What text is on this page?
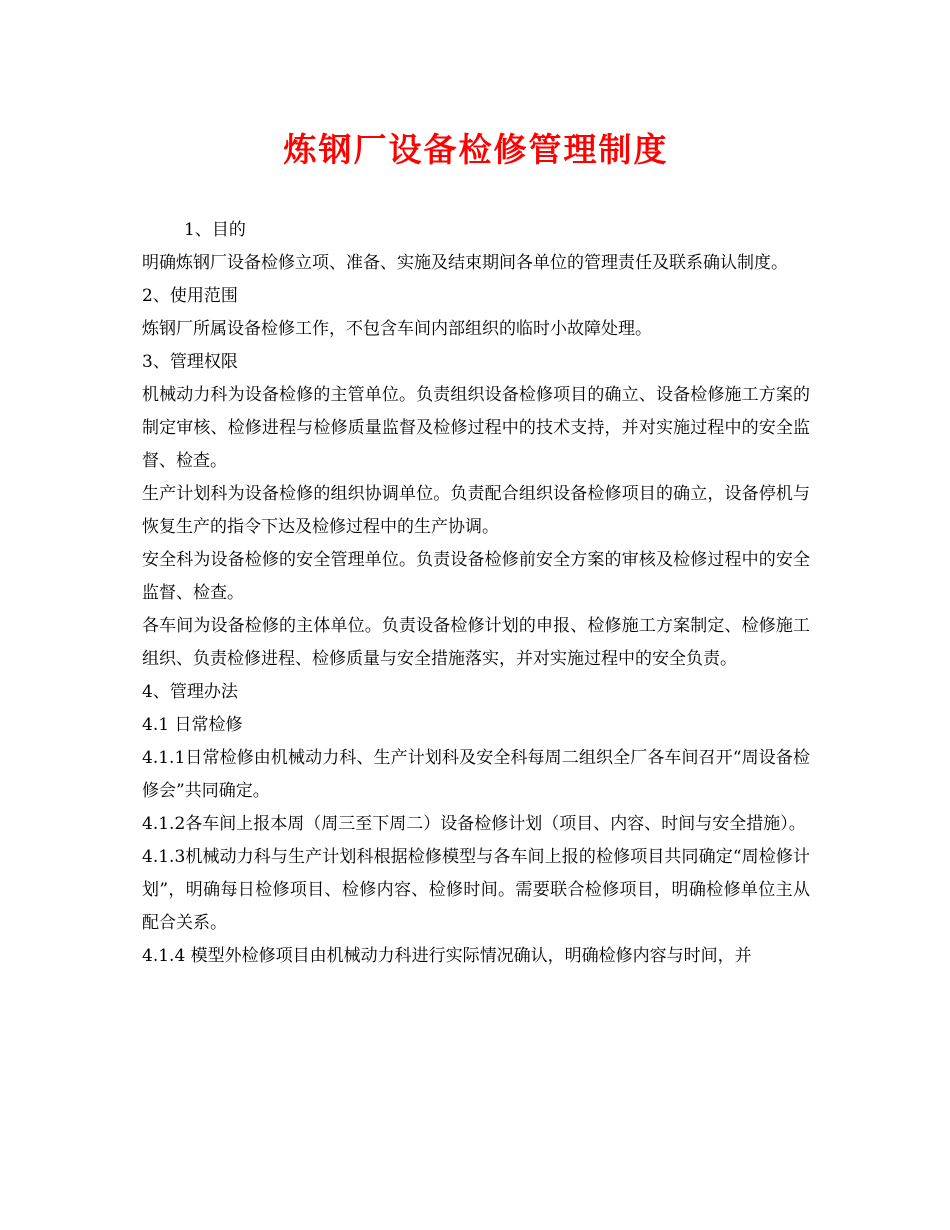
炼钢厂设备检修管理制度

1、目的

明确炼钢厂设备检修立项、准备、实施及结束期间各单位的管理责任及联系确认制度。

2、使用范围

炼钢厂所属设备检修工作，不包含车间内部组织的临时小故障处理。

3、管理权限

机械动力科为设备检修的主管单位。负责组织设备检修项目的确立、设备检修施工方案的制定审核、检修进程与检修质量监督及检修过程中的技术支持，并对实施过程中的安全监督、检查。

生产计划科为设备检修的组织协调单位。负责配合组织设备检修项目的确立，设备停机与恢复生产的指令下达及检修过程中的生产协调。

安全科为设备检修的安全管理单位。负责设备检修前安全方案的审核及检修过程中的安全监督、检查。

各车间为设备检修的主体单位。负责设备检修计划的申报、检修施工方案制定、检修施工组织、负责检修进程、检修质量与安全措施落实，并对实施过程中的安全负责。

4、管理办法

4.1 日常检修

4.1.1日常检修由机械动力科、生产计划科及安全科每周二组织全厂各车间召开“周设备检修会”共同确定。

4.1.2各车间上报本周（周三至下周二）设备检修计划（项目、内容、时间与安全措施）。

4.1.3机械动力科与生产计划科根据检修模型与各车间上报的检修项目共同确定“周检修计划”，明确每日检修项目、检修内容、检修时间。需要联合检修项目，明确检修单位主从配合关系。

4.1.4 模型外检修项目由机械动力科进行实际情况确认，明确检修内容与时间，并
